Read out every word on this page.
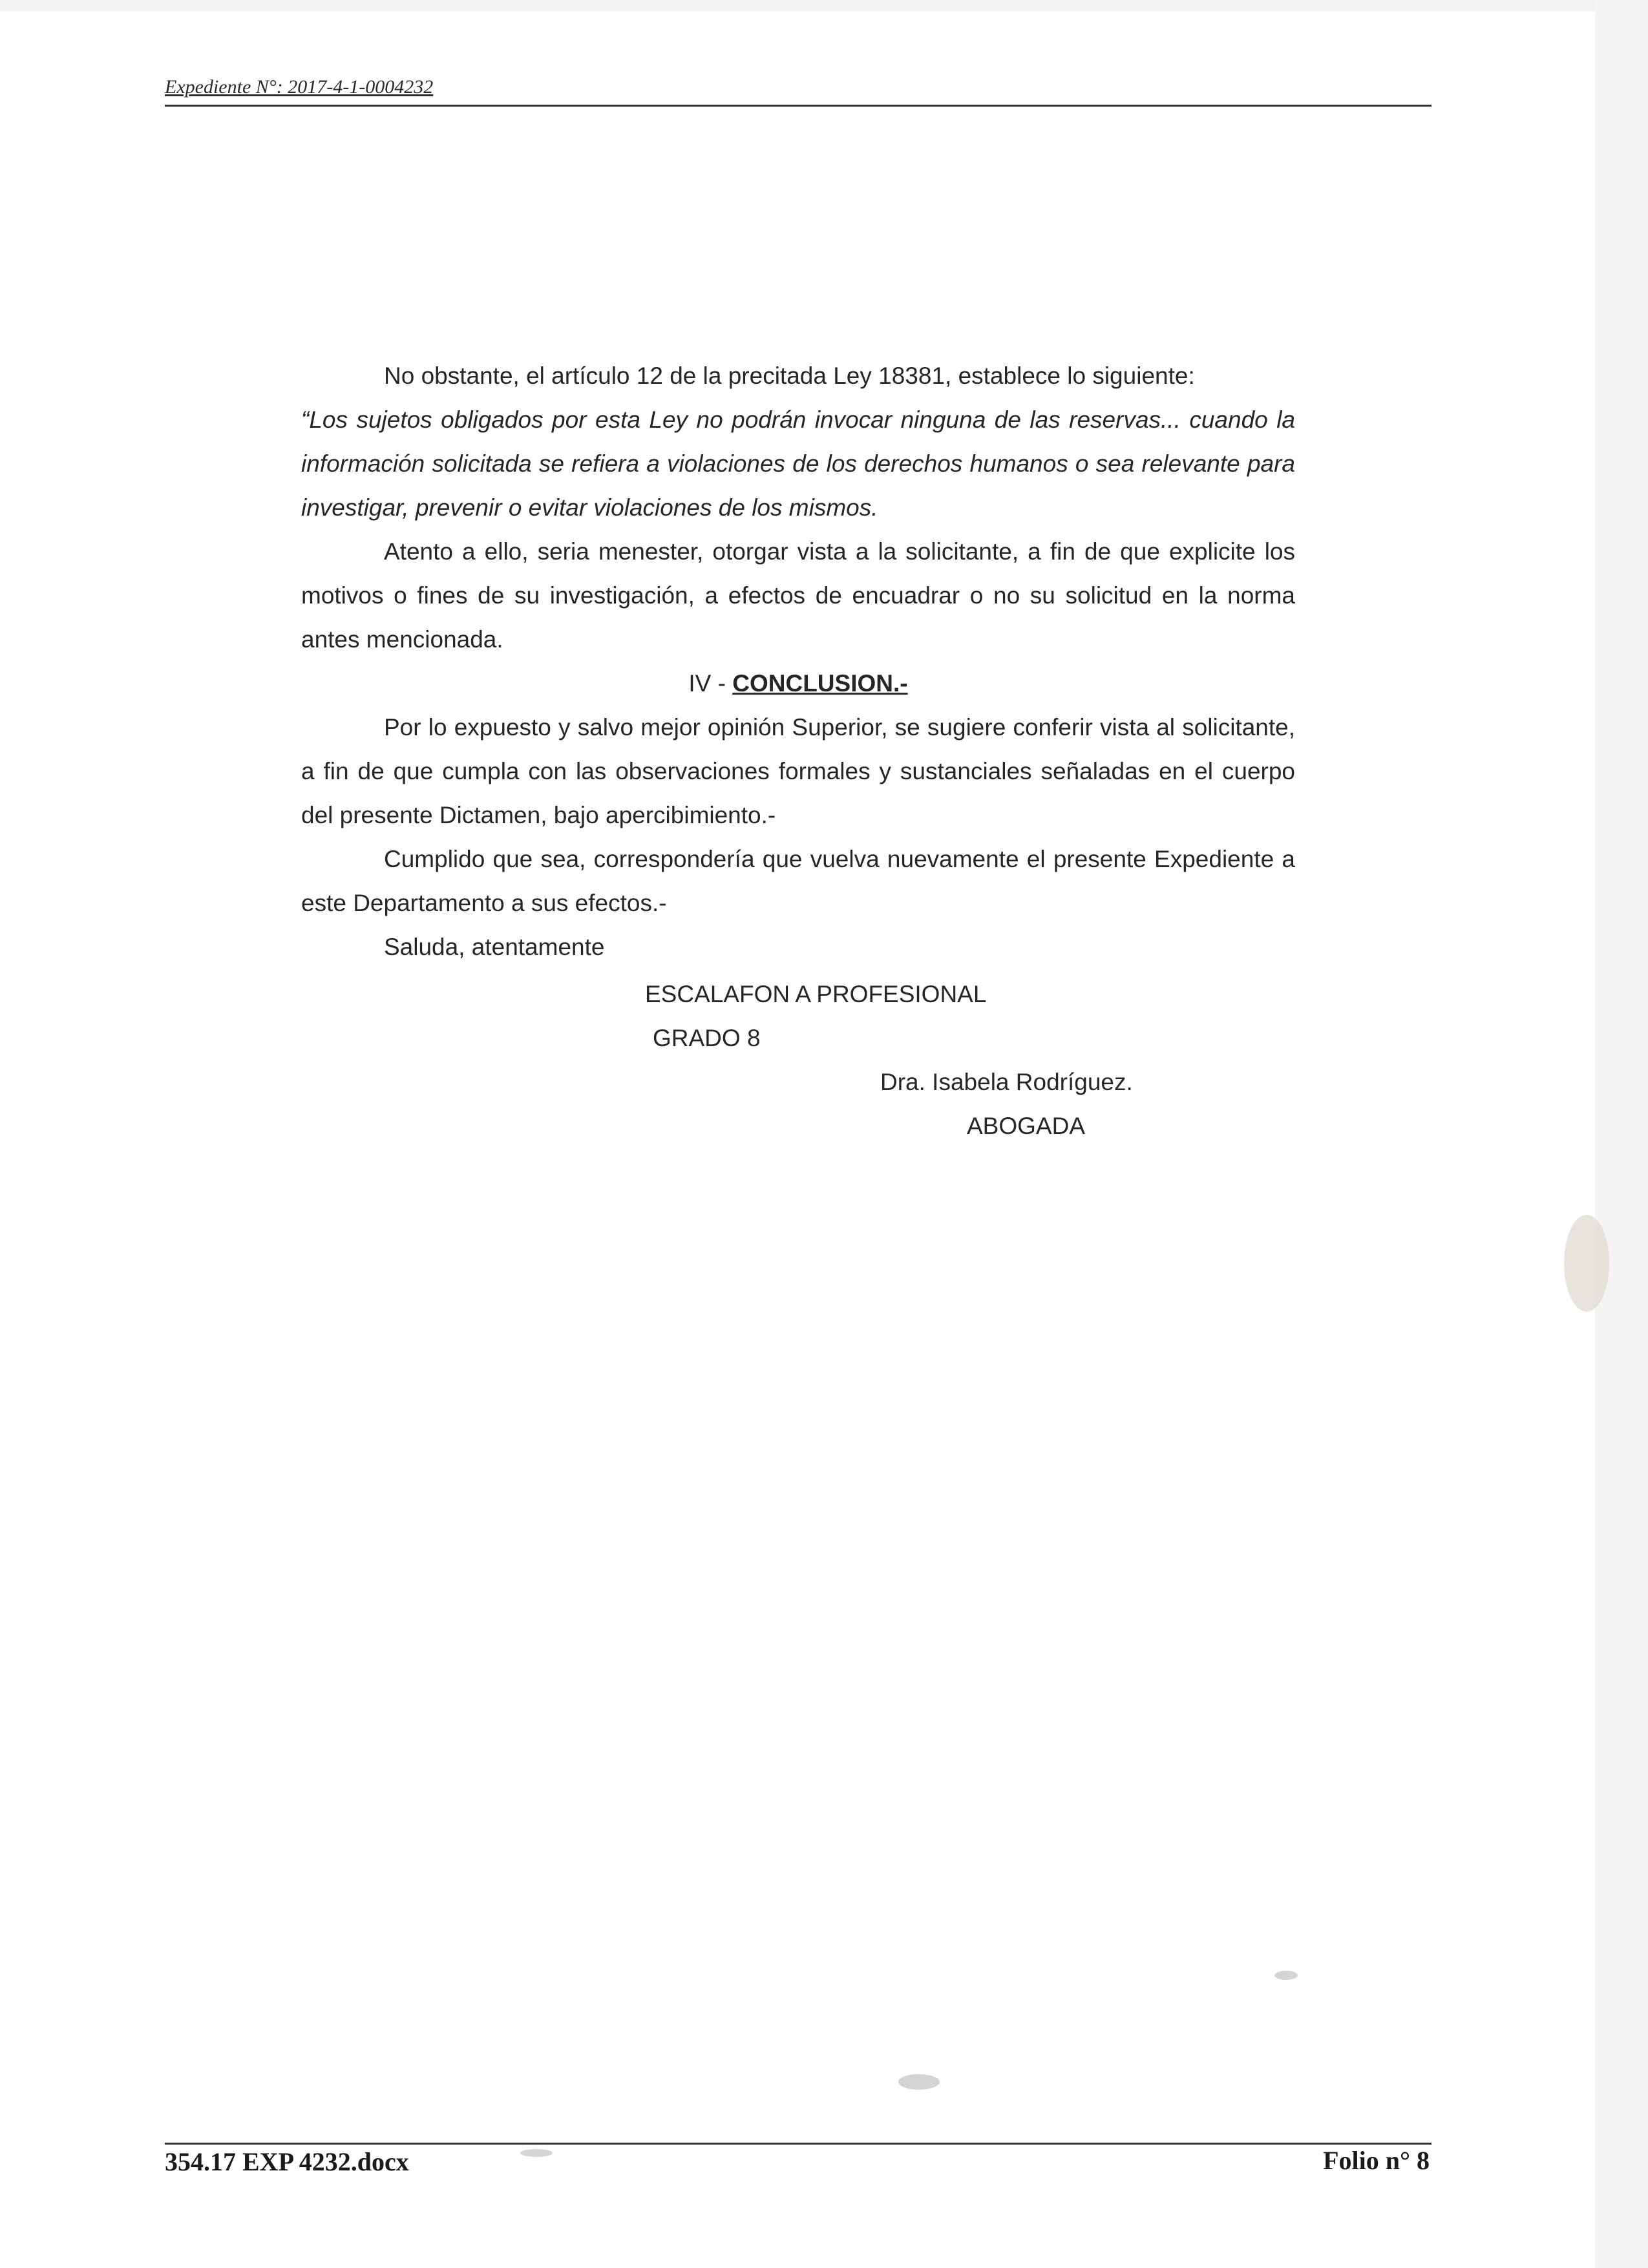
Expediente N°: 2017-4-1-0004232

No obstante, el artículo 12 de la precitada Ley 18381, establece lo siguiente:

“Los sujetos obligados por esta Ley no podrán invocar ninguna de las reservas... cuando la información solicitada se refiera a violaciones de los derechos humanos o sea relevante para investigar, prevenir o evitar violaciones de los mismos.

Atento a ello, seria menester, otorgar vista a la solicitante, a fin de que explicite los motivos o fines de su investigación, a efectos de encuadrar o no su solicitud en la norma antes mencionada.

IV - CONCLUSION.-

Por lo expuesto y salvo mejor opinión Superior, se sugiere conferir vista al solicitante, a fin de que cumpla con las observaciones formales y sustanciales señaladas en el cuerpo del presente Dictamen, bajo apercibimiento.-

Cumplido que sea, correspondería que vuelva nuevamente el presente Expediente a este Departamento a sus efectos.-

Saluda, atentamente

ESCALAFON A PROFESIONAL
GRADO 8
Dra. Isabela Rodríguez.
ABOGADA
354.17 EXP 4232.docx	Folio n° 8
